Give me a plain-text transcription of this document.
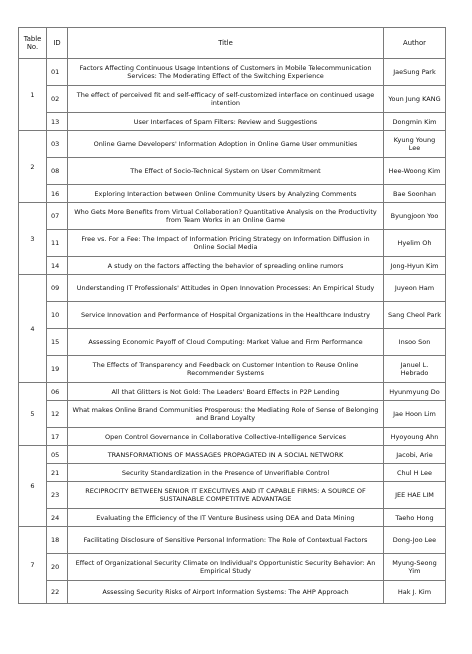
Table No.	ID	Title	Author
1	01	Factors Affecting Continuous Usage Intentions of Customers in Mobile Telecommunication Services: The Moderating Effect of the Switching Experience	JaeSung Park
	02	The effect of perceived fit and self-efficacy of self-customized interface on continued usage intention	Youn Jung KANG
	13	User Interfaces of Spam Filters: Review and Suggestions	Dongmin Kim
2	03	Online Game Developers' Information Adoption in Online Game User ommunities	Kyung Young Lee
	08	The Effect of Socio-Technical System on User Commitment	Hee-Woong Kim
	16	Exploring Interaction between Online Community Users by Analyzing Comments	Bae Soonhan
3	07	Who Gets More Benefits from Virtual Collaboration? Quantitative Analysis on the Productivity from Team Works in an Online Game	Byungjoon Yoo
	11	Free vs. For a Fee: The Impact of Information Pricing Strategy on Information Diffusion in Online Social Media	Hyelim Oh
	14	A study on the factors affecting the behavior of spreading online rumors	Jong-Hyun Kim
4	09	Understanding IT Professionals' Attitudes in Open Innovation Processes: An Empirical Study	Juyeon Ham
	10	Service Innovation and Performance of Hospital Organizations in the Healthcare Industry	Sang Cheol Park
	15	Assessing Economic Payoff of Cloud Computing: Market Value and Firm Performance	Insoo Son
	19	The Effects of Transparency and Feedback on Customer Intention to Reuse Online Recommender Systems	Januel L. Hebrado
5	06	All that Glitters is Not Gold: The Leaders' Board Effects in P2P Lending	Hyunmyung Do
	12	What makes Online Brand Communities Prosperous: the Mediating Role of Sense of Belonging and Brand Loyalty	Jae Hoon Lim
	17	Open Control Governance in Collaborative Collective-Intelligence Services	Hyoyoung Ahn
6	05	TRANSFORMATIONS OF MASSAGES PROPAGATED IN A SOCIAL NETWORK	Jacobi, Arie
	21	Security Standardization in the Presence of Unverifiable Control	Chul H Lee
	23	RECIPROCITY BETWEEN SENIOR IT EXECUTIVES AND IT CAPABLE FIRMS: A SOURCE OF SUSTAINABLE COMPETITIVE ADVANTAGE	JEE HAE LIM
	24	Evaluating the Efficiency of the IT Venture Business using DEA and Data Mining	Taeho Hong
7	18	Facilitating Disclosure of Sensitive Personal Information: The Role of Contextual Factors	Dong-Joo Lee
	20	Effect of Organizational Security Climate on Individual's Opportunistic Security Behavior: An Empirical Study	Myung-Seong Yim
	22	Assessing Security Risks of Airport Information Systems: The AHP Approach	Hak J. Kim
